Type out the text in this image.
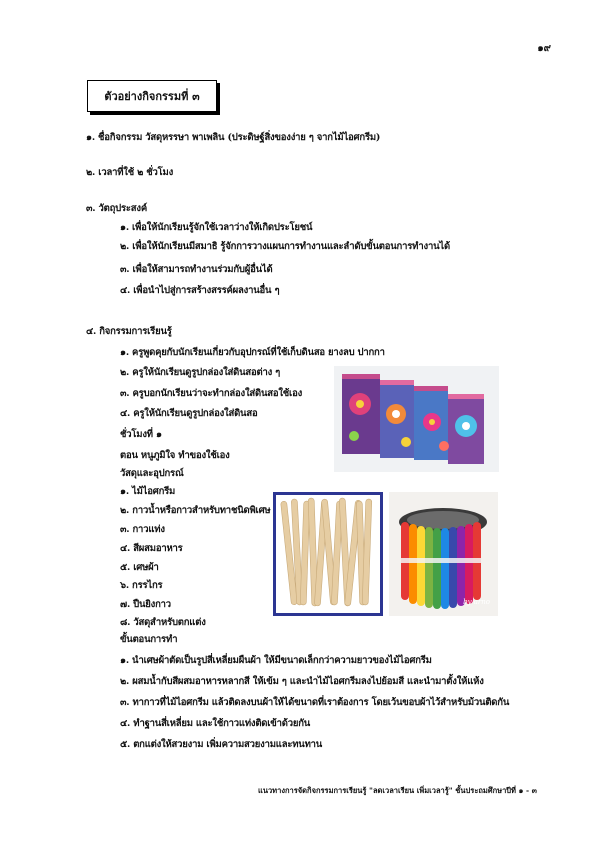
๑๙
ตัวอย่างกิจกรรมที่ ๓
๑. ชื่อกิจกรรม วัสดุหรรษา พาเพลิน (ประดิษฐ์สิ่งของง่าย ๆ จากไม้ไอศกรีม)
๒. เวลาที่ใช้ ๒ ชั่วโมง
๓. วัตถุประสงค์
๑. เพื่อให้นักเรียนรู้จักใช้เวลาว่างให้เกิดประโยชน์
๒. เพื่อให้นักเรียนมีสมาธิ รู้จักการวางแผนการทำงานและลำดับขั้นตอนการทำงานได้
๓. เพื่อให้สามารถทำงานร่วมกับผู้อื่นได้
๔. เพื่อนำไปสู่การสร้างสรรค์ผลงานอื่น ๆ
๔. กิจกรรมการเรียนรู้
๑. ครูพูดคุยกับนักเรียนเกี่ยวกับอุปกรณ์ที่ใช้เก็บดินสอ ยางลบ ปากกา
๒. ครูให้นักเรียนดูรูปกล่องใส่ดินสอต่าง ๆ
๓. ครูบอกนักเรียนว่าจะทำกล่องใส่ดินสอใช้เอง
๔. ครูให้นักเรียนดูรูปกล่องใส่ดินสอ
ชั่วโมงที่ ๑
ตอน หนูภูมิใจ ทำของใช้เอง
วัสดุและอุปกรณ์
๑. ไม้ไอศกรีม
๒. กาวน้ำหรือกาวสำหรับทาชนิดพิเศษ
๓. กาวแท่ง
๔. สีผสมอาหาร
๕. เศษผ้า
๖. กรรไกร
๗. ปืนยิงกาว
๘. วัสดุสำหรับตกแต่ง
ขั้นตอนการทำ
๑. นำเศษผ้าตัดเป็นรูปสี่เหลี่ยมผืนผ้า ให้มีขนาดเล็กกว่าความยาวของไม้ไอศกรีม
๒. ผสมน้ำกับสีผสมอาหารหลากสี ให้เข้ม ๆ และนำไม้ไอศกรีมลงไปย้อมสี และนำมาตั้งให้แห้ง
๓. ทากาวที่ไม้ไอศกรีม แล้วติดลงบนผ้าให้ได้ขนาดที่เราต้องการ โดยเว้นขอบผ้าไว้สำหรับม้วนติดกัน
๔. ทำฐานสี่เหลี่ยม และใช้กาวแท่งติดเข้าด้วยกัน
๕. ตกแต่งให้สวยงาม เพิ่มความสวยงามและทนทาน
by arno
แนวทางการจัดกิจกรรมการเรียนรู้ "ลดเวลาเรียน เพิ่มเวลารู้" ชั้นประถมศึกษาปีที่ ๑ - ๓
